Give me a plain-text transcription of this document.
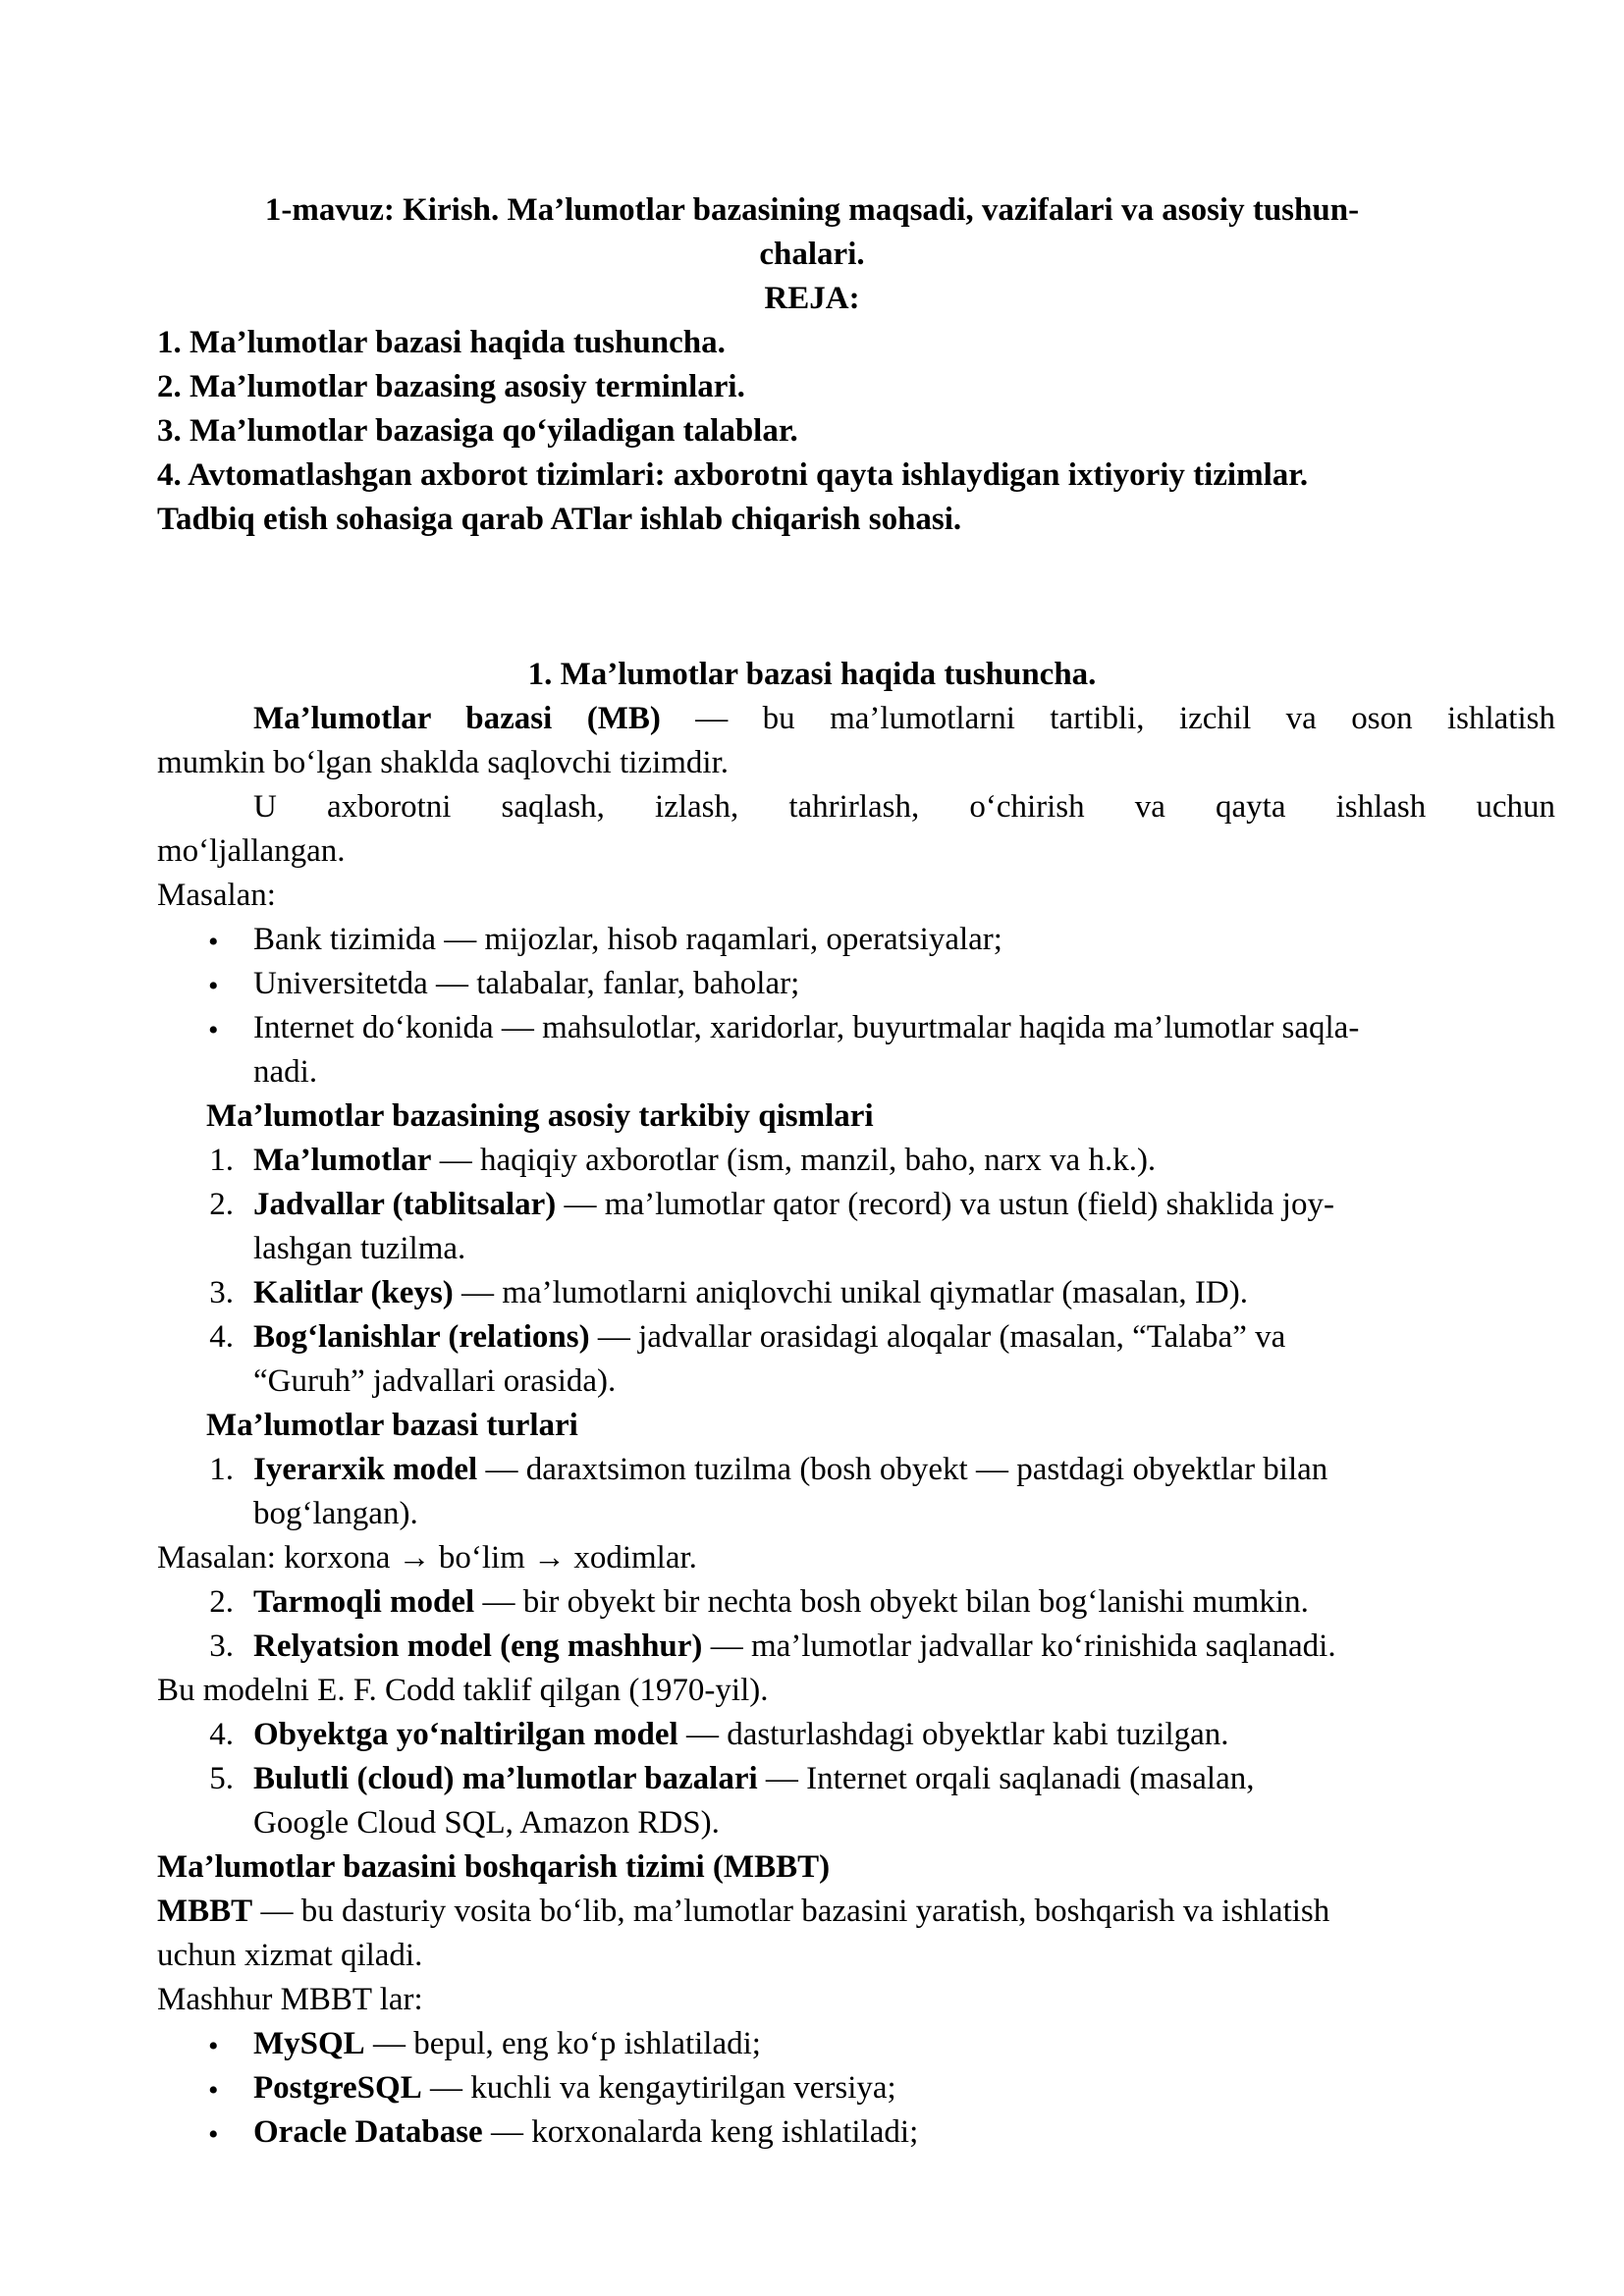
1-mavuz: Kirish. Ma’lumotlar bazasining maqsadi, vazifalari va asosiy tushun-
chalari.
REJA:
1. Ma’lumotlar bazasi haqida tushuncha.
2. Ma’lumotlar bazasing asosiy terminlari.
3. Ma’lumotlar bazasiga qo‘yiladigan talablar.
4. Avtomatlashgan axborot tizimlari: axborotni qayta ishlaydigan ixtiyoriy tizimlar.
Tadbiq etish sohasiga qarab ATlar ishlab chiqarish sohasi.
1. Ma’lumotlar bazasi haqida tushuncha.
Ma’lumotlar bazasi (MB) — bu ma’lumotlarni tartibli, izchil va oson ishlatish
mumkin bo‘lgan shaklda saqlovchi tizimdir.
U axborotni saqlash, izlash, tahrirlash, o‘chirish va qayta ishlash uchun
mo‘ljallangan.
Masalan:
• Bank tizimida — mijozlar, hisob raqamlari, operatsiyalar;
• Universitetda — talabalar, fanlar, baholar;
• Internet do‘konida — mahsulotlar, xaridorlar, buyurtmalar haqida ma’lumotlar saqla-
nadi.
Ma’lumotlar bazasining asosiy tarkibiy qismlari
1. Ma’lumotlar — haqiqiy axborotlar (ism, manzil, baho, narx va h.k.).
2. Jadvallar (tablitsalar) — ma’lumotlar qator (record) va ustun (field) shaklida joy-
lashgan tuzilma.
3. Kalitlar (keys) — ma’lumotlarni aniqlovchi unikal qiymatlar (masalan, ID).
4. Bog‘lanishlar (relations) — jadvallar orasidagi aloqalar (masalan, “Talaba” va
“Guruh” jadvallari orasida).
Ma’lumotlar bazasi turlari
1. Iyerarxik model — daraxtsimon tuzilma (bosh obyekt — pastdagi obyektlar bilan
bog‘langan).
Masalan: korxona → bo‘lim → xodimlar.
2. Tarmoqli model — bir obyekt bir nechta bosh obyekt bilan bog‘lanishi mumkin.
3. Relyatsion model (eng mashhur) — ma’lumotlar jadvallar ko‘rinishida saqlanadi.
Bu modelni E. F. Codd taklif qilgan (1970-yil).
4. Obyektga yo‘naltirilgan model — dasturlashdagi obyektlar kabi tuzilgan.
5. Bulutli (cloud) ma’lumotlar bazalari — Internet orqali saqlanadi (masalan,
Google Cloud SQL, Amazon RDS).
Ma’lumotlar bazasini boshqarish tizimi (MBBT)
MBBT — bu dasturiy vosita bo‘lib, ma’lumotlar bazasini yaratish, boshqarish va ishlatish
uchun xizmat qiladi.
Mashhur MBBT lar:
• MySQL — bepul, eng ko‘p ishlatiladi;
• PostgreSQL — kuchli va kengaytirilgan versiya;
• Oracle Database — korxonalarda keng ishlatiladi;
